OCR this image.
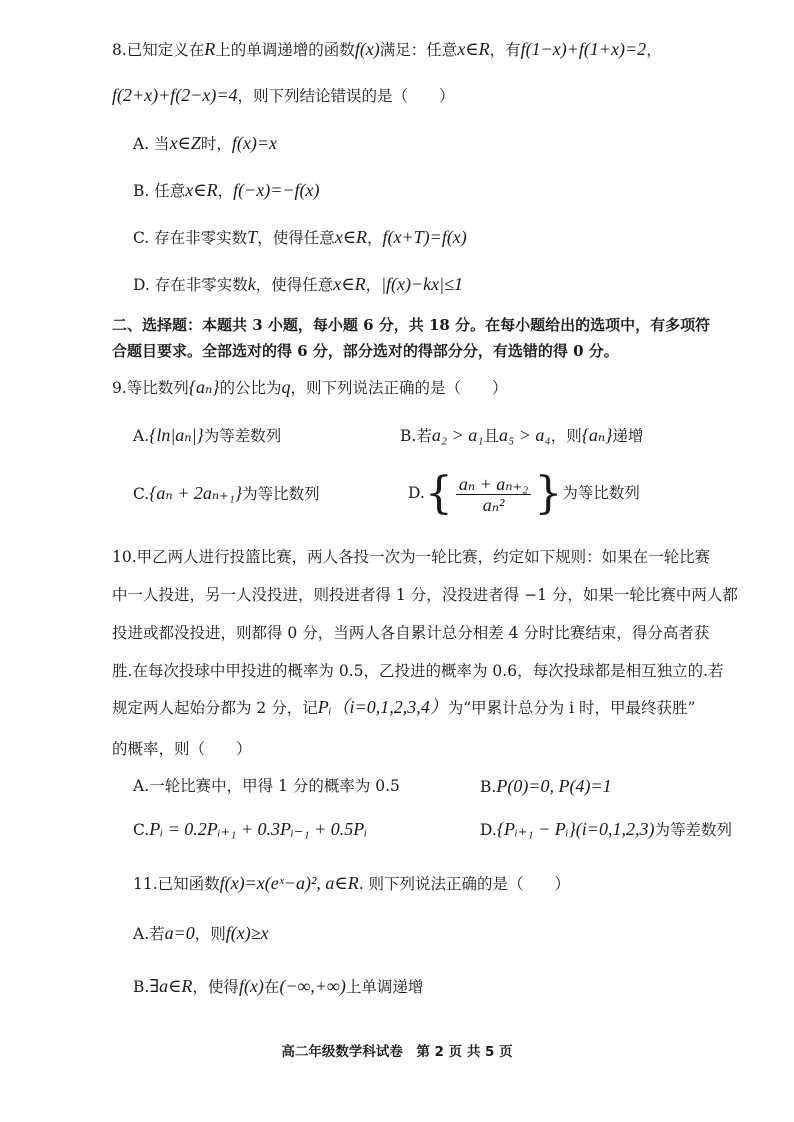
8.已知定义在R上的单调递增的函数f(x)满足：任意x∈R，有f(1−x)+f(1+x)=2，
f(2+x)+f(2−x)=4，则下列结论错误的是（　　）
A. 当x∈Z时，f(x)=x
B. 任意x∈R，f(−x)=−f(x)
C. 存在非零实数T，使得任意x∈R，f(x+T)=f(x)
D. 存在非零实数k，使得任意x∈R，|f(x)−kx|≤1
二、选择题：本题共 3 小题，每小题 6 分，共 18 分。在每小题给出的选项中，有多项符
合题目要求。全部选对的得 6 分，部分选对的得部分分，有选错的得 0 分。
9.等比数列{aₙ}的公比为q，则下列说法正确的是（　　）
A.{ln|aₙ|}为等差数列	B.若a₂ > a₁且a₅ > a₄，则{aₙ}递增
C.{aₙ + 2aₙ₊₁}为等比数列	$D.\{ \frac{\text{aₙ + aₙ₊₂}}{\text{aₙ²}}$ }为等比数列
10.甲乙两人进行投篮比赛，两人各投一次为一轮比赛，约定如下规则：如果在一轮比赛
中一人投进，另一人没投进，则投进者得 1 分，没投进者得 −1 分，如果一轮比赛中两人都
投进或都没投进，则都得 0 分，当两人各自累计总分相差 4 分时比赛结束，得分高者获
胜.在每次投球中甲投进的概率为 0.5，乙投进的概率为 0.6，每次投球都是相互独立的.若
规定两人起始分都为 2 分，记Pᵢ（i=0,1,2,3,4）为“甲累计总分为 i 时，甲最终获胜”
的概率，则（　　）
A.一轮比赛中，甲得 1 分的概率为 0.5	B.P(0)=0, P(4)=1
C.Pᵢ = 0.2Pᵢ₊₁ + 0.3Pᵢ₋₁ + 0.5Pᵢ	D.{Pᵢ₊₁ − Pᵢ}(i=0,1,2,3)为等差数列
11.已知函数f(x)=x(eˣ−a)², a∈R. 则下列说法正确的是（　　）
A.若a=0，则f(x)≥x
B.∃a∈R，使得f(x)在(−∞,+∞)上单调递增
高二年级数学科试卷　第 2 页 共 5 页
